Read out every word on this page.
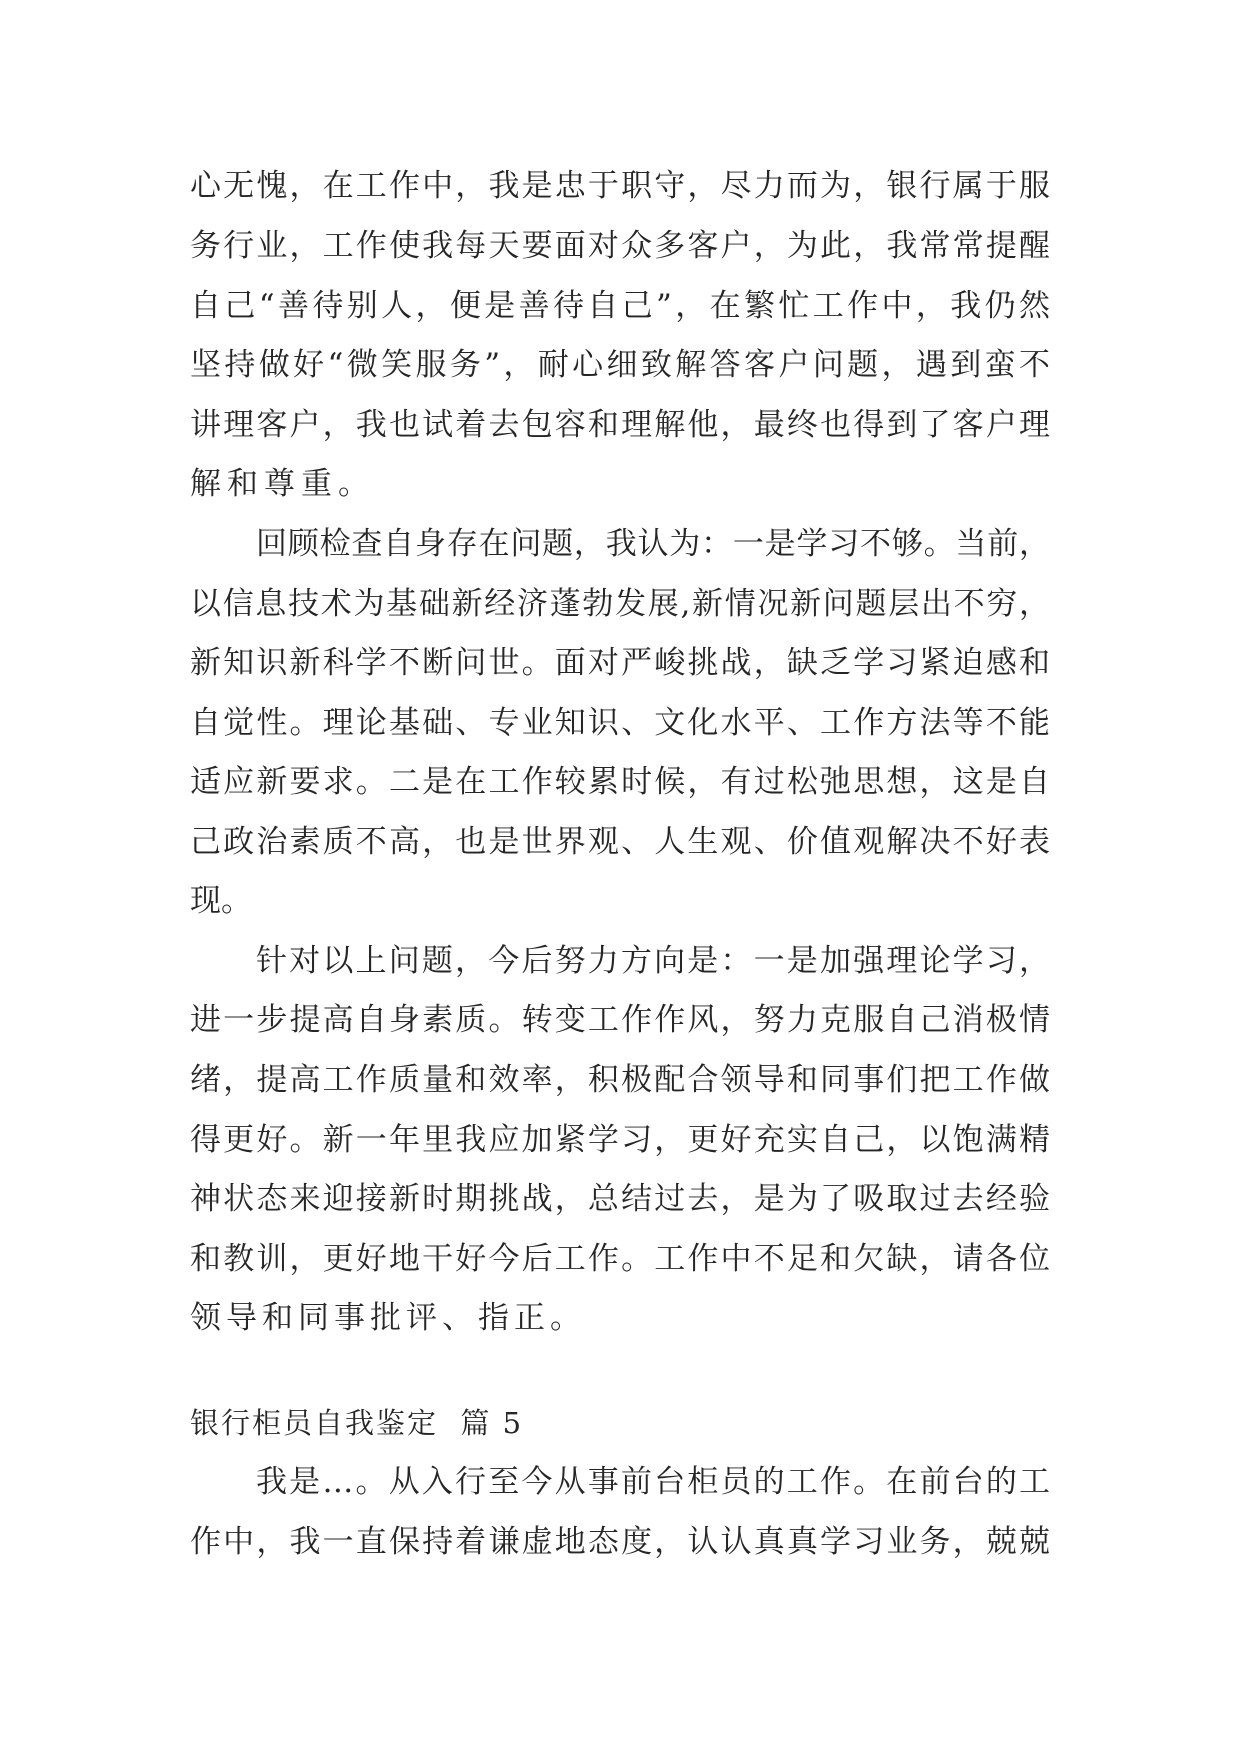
心无愧，在工作中，我是忠于职守，尽力而为，银行属于服
务行业，工作使我每天要面对众多客户，为此，我常常提醒
自己“善待别人，便是善待自己”，在繁忙工作中，我仍然
坚持做好“微笑服务”，耐心细致解答客户问题，遇到蛮不
讲理客户，我也试着去包容和理解他，最终也得到了客户理
解和尊重。
回顾检查自身存在问题，我认为：一是学习不够。当前，
以信息技术为基础新经济蓬勃发展,新情况新问题层出不穷，
新知识新科学不断问世。面对严峻挑战，缺乏学习紧迫感和
自觉性。理论基础、专业知识、文化水平、工作方法等不能
适应新要求。二是在工作较累时候，有过松弛思想，这是自
己政治素质不高，也是世界观、人生观、价值观解决不好表
现。
针对以上问题，今后努力方向是：一是加强理论学习，
进一步提高自身素质。转变工作作风，努力克服自己消极情
绪，提高工作质量和效率，积极配合领导和同事们把工作做
得更好。新一年里我应加紧学习，更好充实自己，以饱满精
神状态来迎接新时期挑战，总结过去，是为了吸取过去经验
和教训，更好地干好今后工作。工作中不足和欠缺，请各位
领导和同事批评、指正。
银行柜员自我鉴定  篇 5
我是…。从入行至今从事前台柜员的工作。在前台的工
作中，我一直保持着谦虚地态度，认认真真学习业务，兢兢
